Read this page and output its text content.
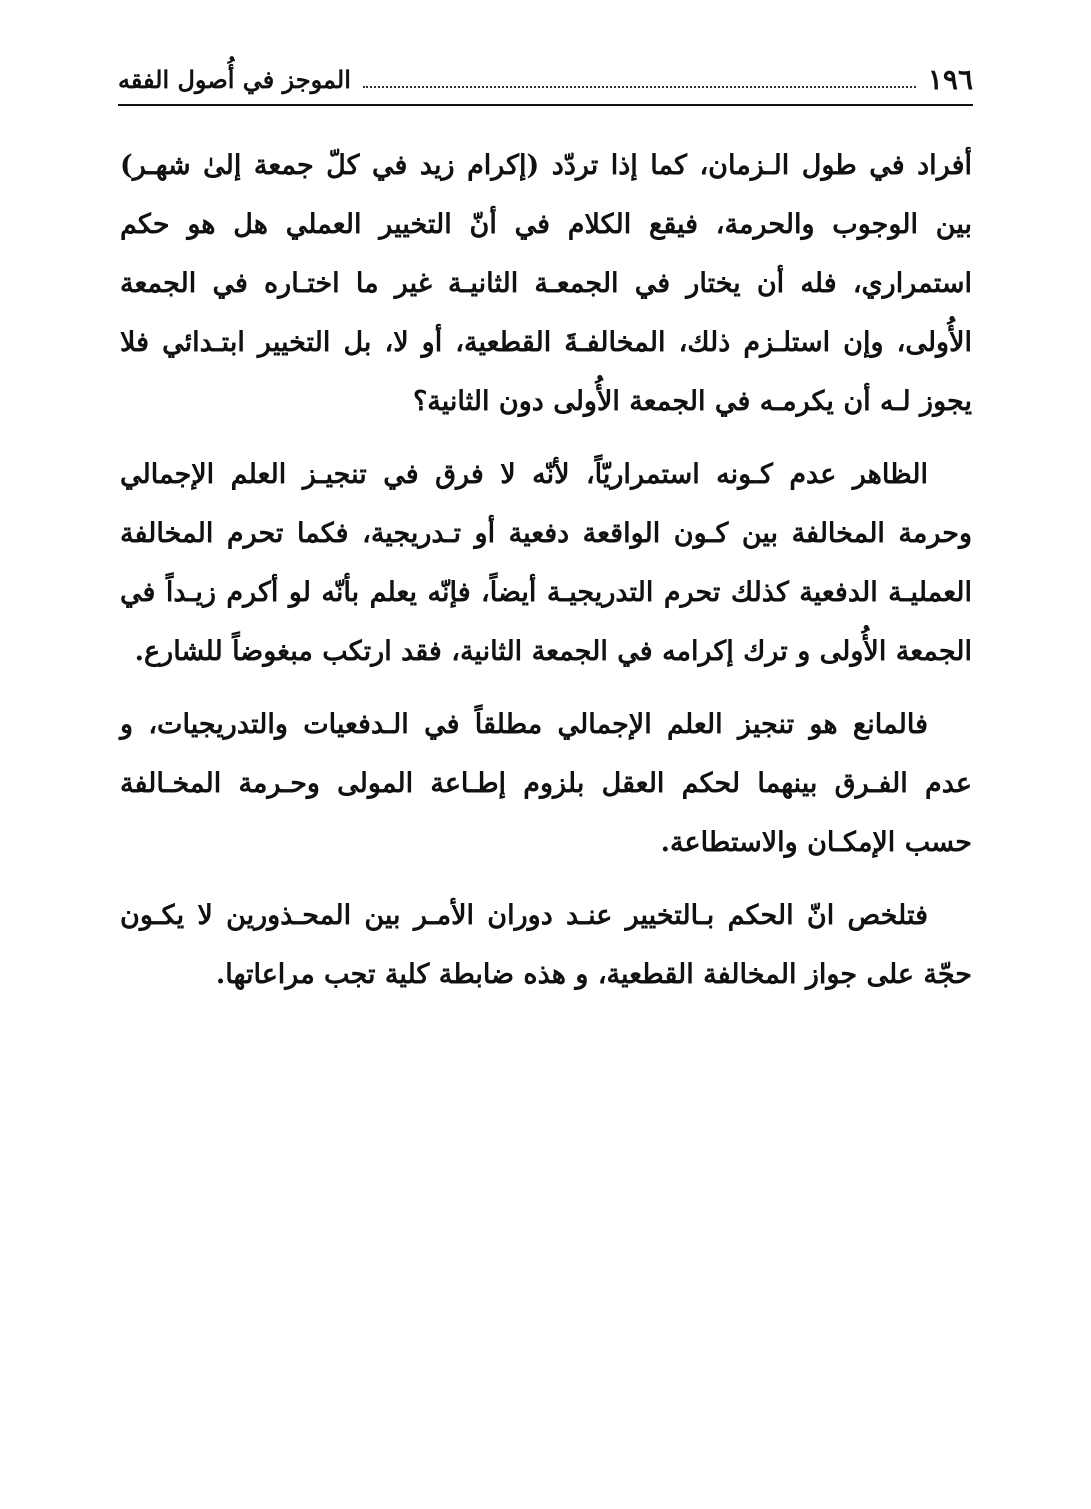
١٩٦
الموجز في أُصول الفقه

أفراد في طول الـزمان، كما إذا تردّد (إكرام زيد في كلّ جمعة إلىٰ شهـر) بين الوجوب والحرمة، فيقع الكلام في أنّ التخيير العملي هل هو حكم استمراري، فله أن يختار في الجمعـة الثانيـة غير ما اختـاره في الجمعة الأُولى، وإن استلـزم ذلك، المخالفـةَ القطعية، أو لا، بل التخيير ابتـدائي فلا يجوز لـه أن يكرمـه في الجمعة الأُولى دون الثانية؟

الظاهر عدم كـونه استمراريّاً، لأنّه لا فرق في تنجيـز العلم الإجمالي وحرمة المخالفة بين كـون الواقعة دفعية أو تـدريجية، فكما تحرم المخالفة العمليـة الدفعية كذلك تحرم التدريجيـة أيضاً، فإنّه يعلم بأنّه لو أكرم زيـداً في الجمعة الأُولى و ترك إكرامه في الجمعة الثانية، فقد ارتكب مبغوضاً للشارع.

فالمانع هو تنجيز العلم الإجمالي مطلقاً في الـدفعيات والتدريجيات، و عدم الفـرق بينهما لحكم العقل بلزوم إطـاعة المولى وحـرمة المخـالفة حسب الإمكـان والاستطاعة.

فتلخص انّ الحكم بـالتخيير عنـد دوران الأمـر بين المحـذورين لا يكـون حجّة على جواز المخالفة القطعية، و هذه ضابطة كلية تجب مراعاتها.
